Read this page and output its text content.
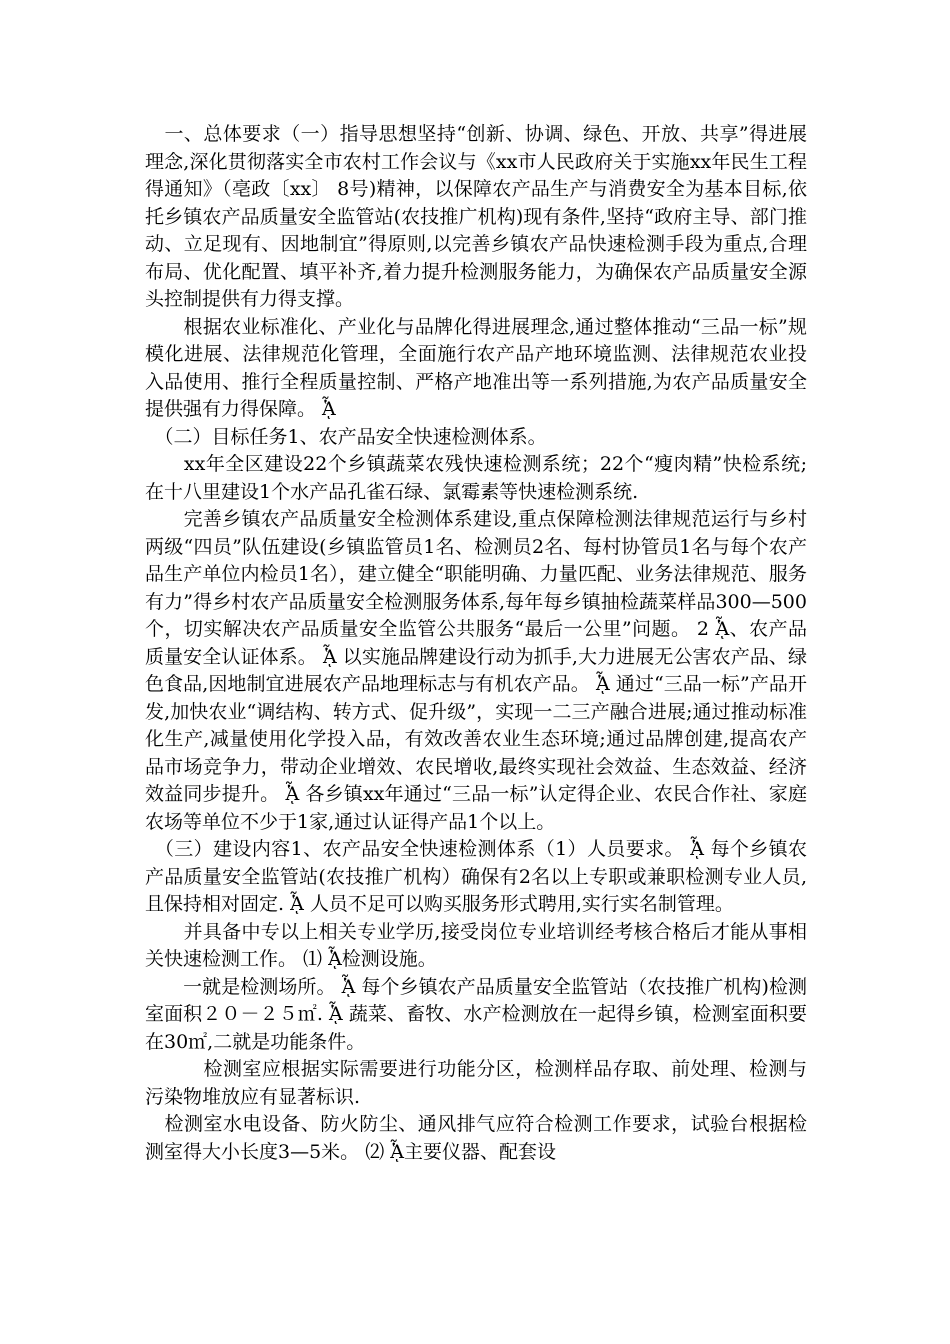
　一、总体要求（一）指导思想坚持“创新、协调、绿色、开放、共享”得进展理念,深化贯彻落实全市农村工作会议与《xx市人民政府关于实施xx年民生工程得通知》（亳政〔xx〕 8号)精神，以保障农产品生产与消费安全为基本目标,依托乡镇农产品质量安全监管站(农技推广机构)现有条件,坚持“政府主导、部门推动、立足现有、因地制宜”得原则,以完善乡镇农产品快速检测手段为重点,合理布局、优化配置、填平补齐,着力提升检测服务能力，为确保农产品质量安全源头控制提供有力得支撑。

　　根据农业标准化、产业化与品牌化得进展理念,通过整体推动“三品一标”规模化进展、法律规范化管理，全面施行农产品产地环境监测、法律规范农业投入品使用、推行全程质量控制、严格产地准出等一系列措施,为农产品质量安全提供强有力得保障。 ᾏ

　（二）目标任务1、农产品安全快速检测体系。

　　xx年全区建设22个乡镇蔬菜农残快速检测系统；22个“瘦肉精”快检系统;在十八里建设1个水产品孔雀石绿、氯霉素等快速检测系统.

　　完善乡镇农产品质量安全检测体系建设,重点保障检测法律规范运行与乡村两级“四员”队伍建设(乡镇监管员1名、检测员2名、每村协管员1名与每个农产品生产单位内检员1名），建立健全“职能明确、力量匹配、业务法律规范、服务有力”得乡村农产品质量安全检测服务体系,每年每乡镇抽检蔬菜样品300—500个，切实解决农产品质量安全监管公共服务“最后一公里”问题。 2 ᾏ、农产品质量安全认证体系。 ᾏ 以实施品牌建设行动为抓手,大力进展无公害农产品、绿色食品,因地制宜进展农产品地理标志与有机农产品。 ᾏ 通过“三品一标”产品开发,加快农业“调结构、转方式、促升级”，实现一二三产融合进展;通过推动标准化生产,减量使用化学投入品，有效改善农业生态环境;通过品牌创建,提高农产品市场竞争力，带动企业增效、农民增收,最终实现社会效益、生态效益、经济效益同步提升。 ᾏ 各乡镇xx年通过“三品一标”认定得企业、农民合作社、家庭农场等单位不少于1家,通过认证得产品1个以上。

　（三）建设内容1、农产品安全快速检测体系（1）人员要求。 ᾏ 每个乡镇农产品质量安全监管站(农技推广机构）确保有2名以上专职或兼职检测专业人员,且保持相对固定. ᾏ 人员不足可以购买服务形式聘用,实行实名制管理。

　　并具备中专以上相关专业学历,接受岗位专业培训经考核合格后才能从事相关快速检测工作。 ⑴ ᾏ检测设施。

　　一就是检测场所。 ᾏ 每个乡镇农产品质量安全监管站（农技推广机构)检测室面积２０－２５㎡. ᾏ 蔬菜、畜牧、水产检测放在一起得乡镇，检测室面积要在30㎡,二就是功能条件。

　　　检测室应根据实际需要进行功能分区，检测样品存取、前处理、检测与污染物堆放应有显著标识.

　检测室水电设备、防火防尘、通风排气应符合检测工作要求，试验台根据检测室得大小长度3—5米。 ⑵ ᾏ主要仪器、配套设
